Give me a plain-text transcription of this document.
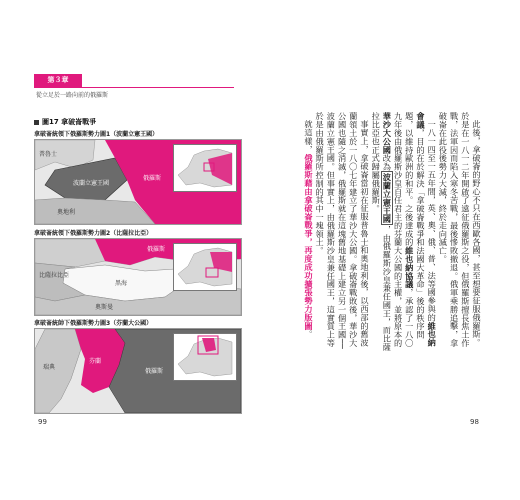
第３章
從立足於一路向前的俄羅斯
圖17 拿破崙戰爭
拿破崙統領下俄羅斯勢力圖1（波蘭立憲王國）
波蘭立憲王國
俄羅斯
普魯士
奧地利
拿破崙統領下俄羅斯勢力圖2（比薩拉比亞）
俄羅斯
黑海
比薩拉比亞
奧斯曼
拿破崙統帥下俄羅斯勢力圖3（芬蘭大公國）
瑞典
芬蘭
俄羅斯
99	98

此後，拿破崙的野心不只在西歐各國，甚至想要征服俄羅斯。於是在一八一二年開啟了遠征俄羅斯之役，但俄羅斯擅長焦土作戰，法軍因而陷入寒冬苦戰，最後慘敗撤退。俄軍乘勝追擊，拿破崙在此役後勢力大減，終於走向滅亡。

一八一四至一五年間，英、奧、俄、普、法等國參與的維也納會議，目的在於解決「拿破崙戰爭和法國大革命」後的秩序問題，以維持歐洲的和平。之後達成的維也納協議，承認了一八〇九年後由俄羅斯沙皇自任君主的芬蘭大公國的主權，並將原本的華沙大公國改為波蘭立憲王國，由俄羅斯沙皇兼任國王，而比薩拉比亞也正式歸屬俄羅斯。

事實上，拿破崙當初在征服普魯士和奧地利後，以西部的舊波蘭領土於一八〇七年建立了華沙大公國。拿破崙戰敗後，華沙大公國也隨之消滅，俄羅斯就在這塊舊地基礎上建立另一個王國──波蘭立憲王國。但事實上，由俄羅斯沙皇兼任國王，這實質上等於是由俄羅斯所控制的其中一塊領土。

就這樣，俄羅斯藉由拿破崙戰爭，再度成功擴張勢力版圖。
